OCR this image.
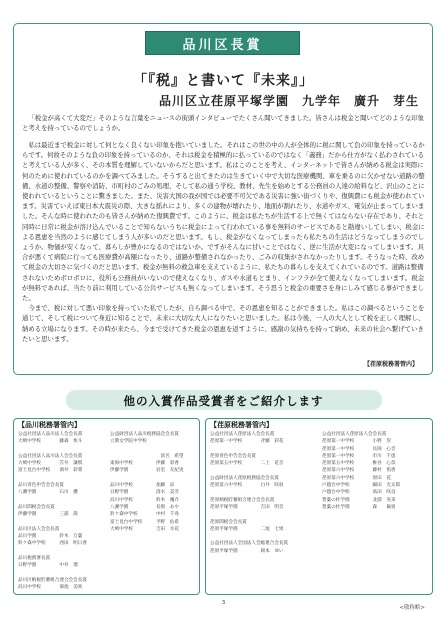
品川区長賞
「『税』と書いて『未来』」
品川区立荏原平塚学園　九学年　廣升　芽生
「税金が高くて大変だ」そのような言葉をニュースの街頭インタビューでたくさん聞いてきました。皆さんは税金と聞いてどのような印象と考えを持っているのでしょうか。
私は最近まで税金に対して何となく良くない印象を抱いていました。それはこの世の中の人が全体的に税に関して負の印象を持っているからです。何故そのような負の印象を持っているのか、それは税金を積極的に払っているのではなく「義務」だから仕方がなく払わされていると考えている人が多く、その本質を理解していないからだと思います。私はこのことを考え、インターネットで皆さんが納める税金は実際に何のために使われているのかを調べてみました。そうすると出てきたのは生きていく中で大切な医療機関、車を乗るのに欠かせない道路の整備、水道の整備、警察や消防、市町村のごみの処理、そして私の通う学校、教材、先生を始めとする公務員の人達の給料など、沢山のことに使われているということに驚きました。また、災害大国の我が国では必要不可欠である災害に強い街づくりや、復興費にも税金が使われています。災害ていえば東日本大震災の際、大きな揺れにより、多くの建物が壊れたり、地面が割れたり、水道やガス、電気が止まってしまいました。そんな時に使われたのも皆さんが納めた復興費です。このように、税金は私たちが生活する上で無くてはならない存在であり、それと同時に日常に税金が溶け込んでいることで知らないうちに税金によって行われている事を無料のサービスであると勘違いしてしまい、税金による恩恵を当然のように感じてしまう人が多いのだと思います。もし、税金がなくなってしまったら私たちの生活はどうなってしまうのでしょうか。物価が安くなって、暮らしが豊かになるのではないか。ですがそんなに甘いことではなく、逆に生活が大変になってしまいます。具合が悪くて病院に行っても医療費が高額になったり、道路が整備されなかったり、ごみの収集がされなかったりします。そうなった時、改めて税金の大切さに気づくのだと思います。税金が無料の救急車を支えているように、私たちの暮らしを支えてくれているのです。道路は整備されないためボロボロに、役所も公務員がいないので使えなくなり、ガスや水道もとまり、インフラが全て使えなくなってしまいます。税金が無料であれば、当たり前に利用している公共サービスも無くなってしまいます。そう思うと税金の重要さを身にしみて感じる事ができました。

今まで、税に対して悪い印象を持っていた私でしたが、自ら調べる中で、その恩恵を知ることができました。私はこの調べるということを通じて、そして税について身近に知ることで、未来に大切な大人になりたいと思いました。私は今後、一人の大人として税を正しく理解し、納める立場になります。その時が来たら、今まで受けてきた税金の恩恵を返すように、感謝の気持ちを持って納め、未来の社会へ繋げていきたいと思います。
【荏原税務署管内】
他の入賞作品受賞者をご紹介します
【品川税務署管内】	【荏原税務署管内】
公益社団法人品川法人会会長賞
大崎中学校　　　　藤森　快斗

公益社団法人品川法人会会長賞
大崎中学校　　　　笠井　謙慎
富士見台中学校　　酒井　彩菜

品川青色申告会会長賞
八潮学園　　　　　石川　優

品川間税会会長賞
伊藤学園　　　　　三浦　嵩

品川区法人会会長賞
品川学園　　　　　鈴木　万葉
鈴ケ森中学校　　　西田　明日香

品川税務署長賞
日野学園　　　　　中井　瑠

品川区納税貯蓄組合連合会会長賞
浜川中学校　　　　菊池　美咲
公益財団法人品川税務協会会長賞
立教女学院中学校

　　　　　　　　　　　富名　希望
東海中学校　　　　　伊藤　彩香
伊藤学園　　　　　　岩室　友紀実

品川中学校　　　　　加藤　涼
日野学園　　　　　　清水　美雪
浜川中学校　　　　　鈴木　颯介
八潮学園　　　　　　長嶺　あや
鈴ケ森中学校　　　　中村　千尋
富士見台中学校　　　平野　佑希
大崎中学校　　　　　吉田　水花
公益社団法人荏原法人会会長賞
荏原第一中学校　　　　斉藤　彩花

荏原青色申告会会長賞
荏原第五中学校　　　　二上　花音

公益財団法人荏原税務協会会長賞
荏原第六中学校　　　　白井　咲羽

荏原納税貯蓄組合連合会会長賞
荏原平塚学園　　　　　吉田　明音

荏原間税会会長賞
荏原平塚学園　　　　　二尾　七果

公益社団法人全国法人会総連合会長賞
荏原平塚学園　　　　　岡本　ゆい
公益社団法人荏原法人会会長賞
荏原第一中学校　　　　小野　崇
荏原第一中学校　　　　長岡　心音
荏原第一中学校　　　　市川　千恵
荏原第五中学校　　　　椎谷　心奈
荏原第六中学校　　　　藤村　侑香
荏原第六中学校　　　　原田　花
戸越台中学校　　　　　細田　光太郎
戸越台中学校　　　　　高田　咲良
豊葉の杜学園　　　　　北浦　実来
豊葉の杜学園　　　　　森　　倫貴
3
<敬称略>
